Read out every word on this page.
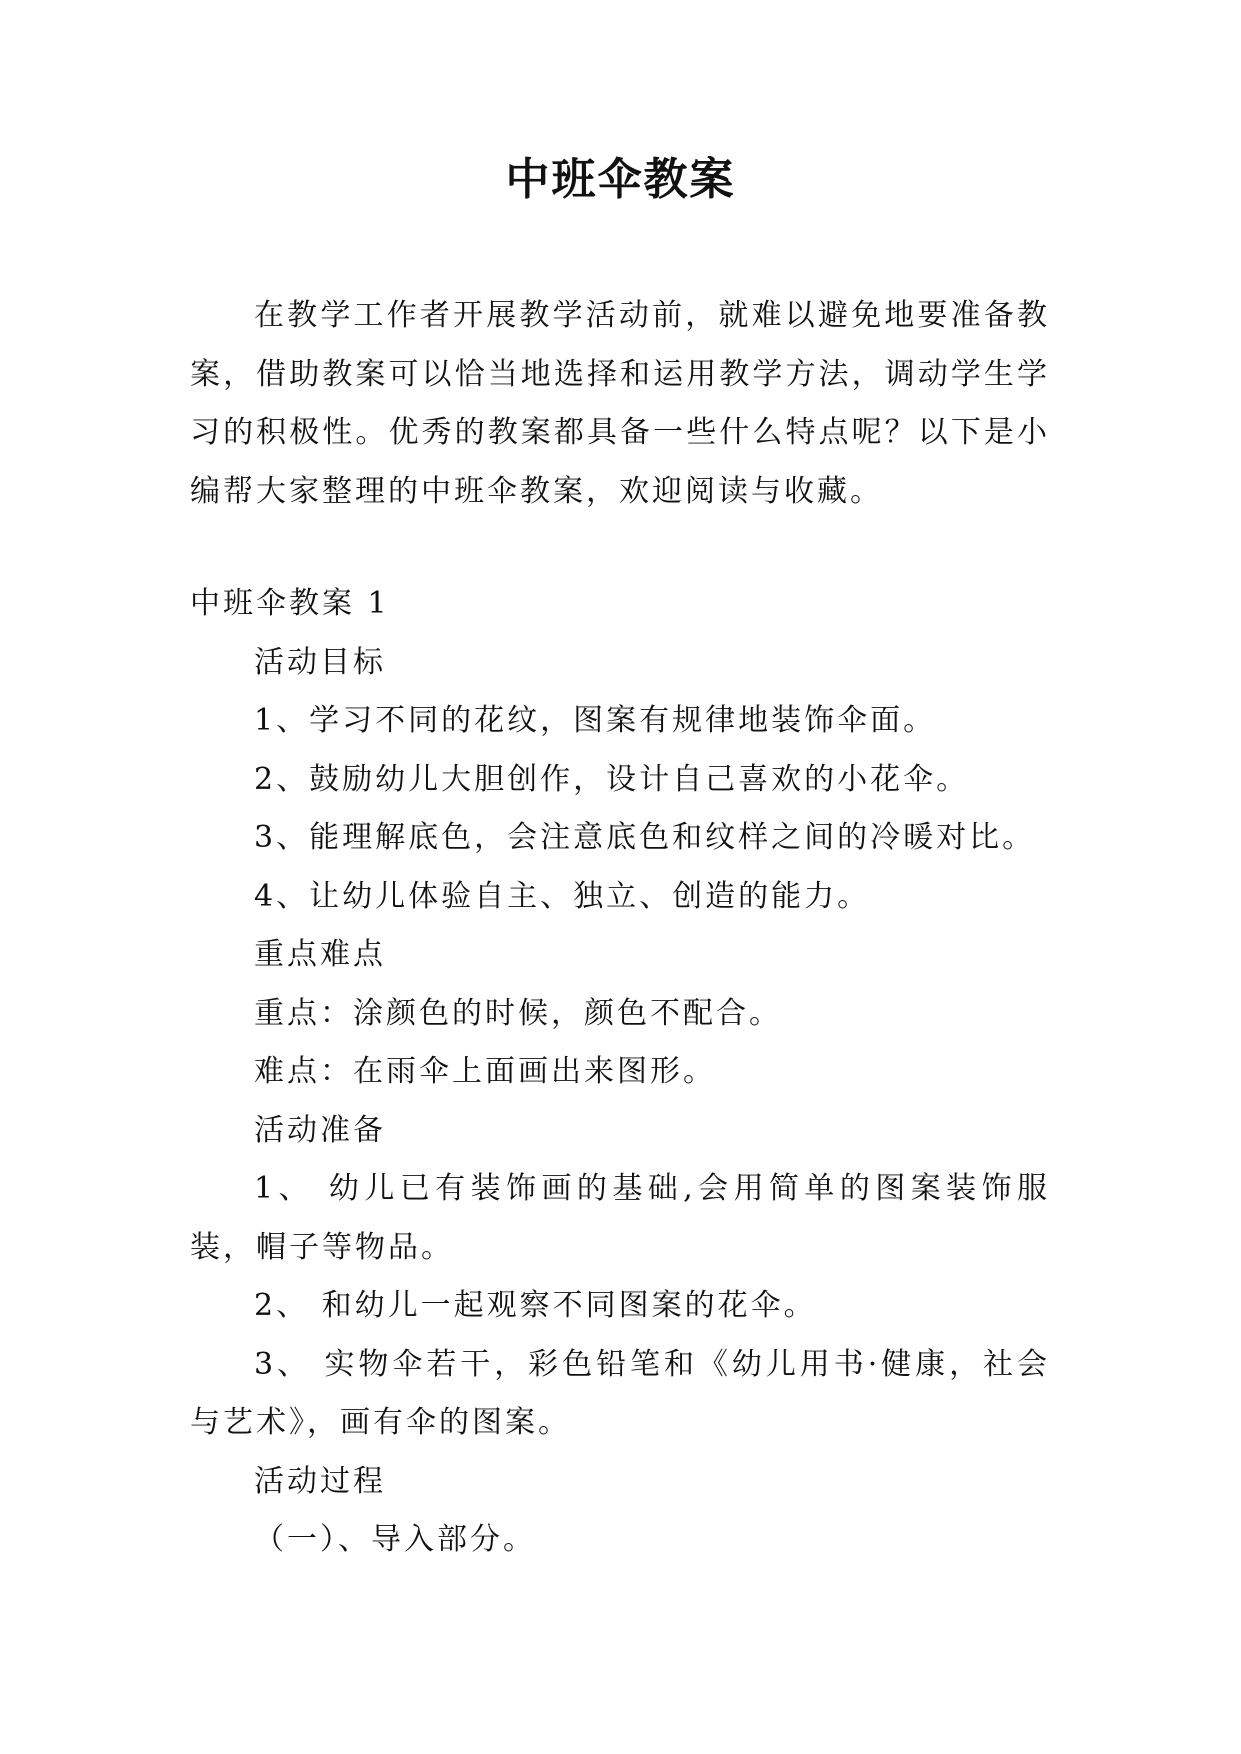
中班伞教案

在教学工作者开展教学活动前，就难以避免地要准备教案，借助教案可以恰当地选择和运用教学方法，调动学生学习的积极性。优秀的教案都具备一些什么特点呢？以下是小编帮大家整理的中班伞教案，欢迎阅读与收藏。

中班伞教案 1

活动目标

1、学习不同的花纹，图案有规律地装饰伞面。

2、鼓励幼儿大胆创作，设计自己喜欢的小花伞。

3、能理解底色，会注意底色和纹样之间的冷暖对比。

4、让幼儿体验自主、独立、创造的能力。

重点难点

重点：涂颜色的时候，颜色不配合。

难点：在雨伞上面画出来图形。

活动准备

1、 幼儿已有装饰画的基础,会用简单的图案装饰服装，帽子等物品。

2、 和幼儿一起观察不同图案的花伞。

3、 实物伞若干，彩色铅笔和《幼儿用书·健康，社会与艺术》，画有伞的图案。

活动过程

（一）、导入部分。
